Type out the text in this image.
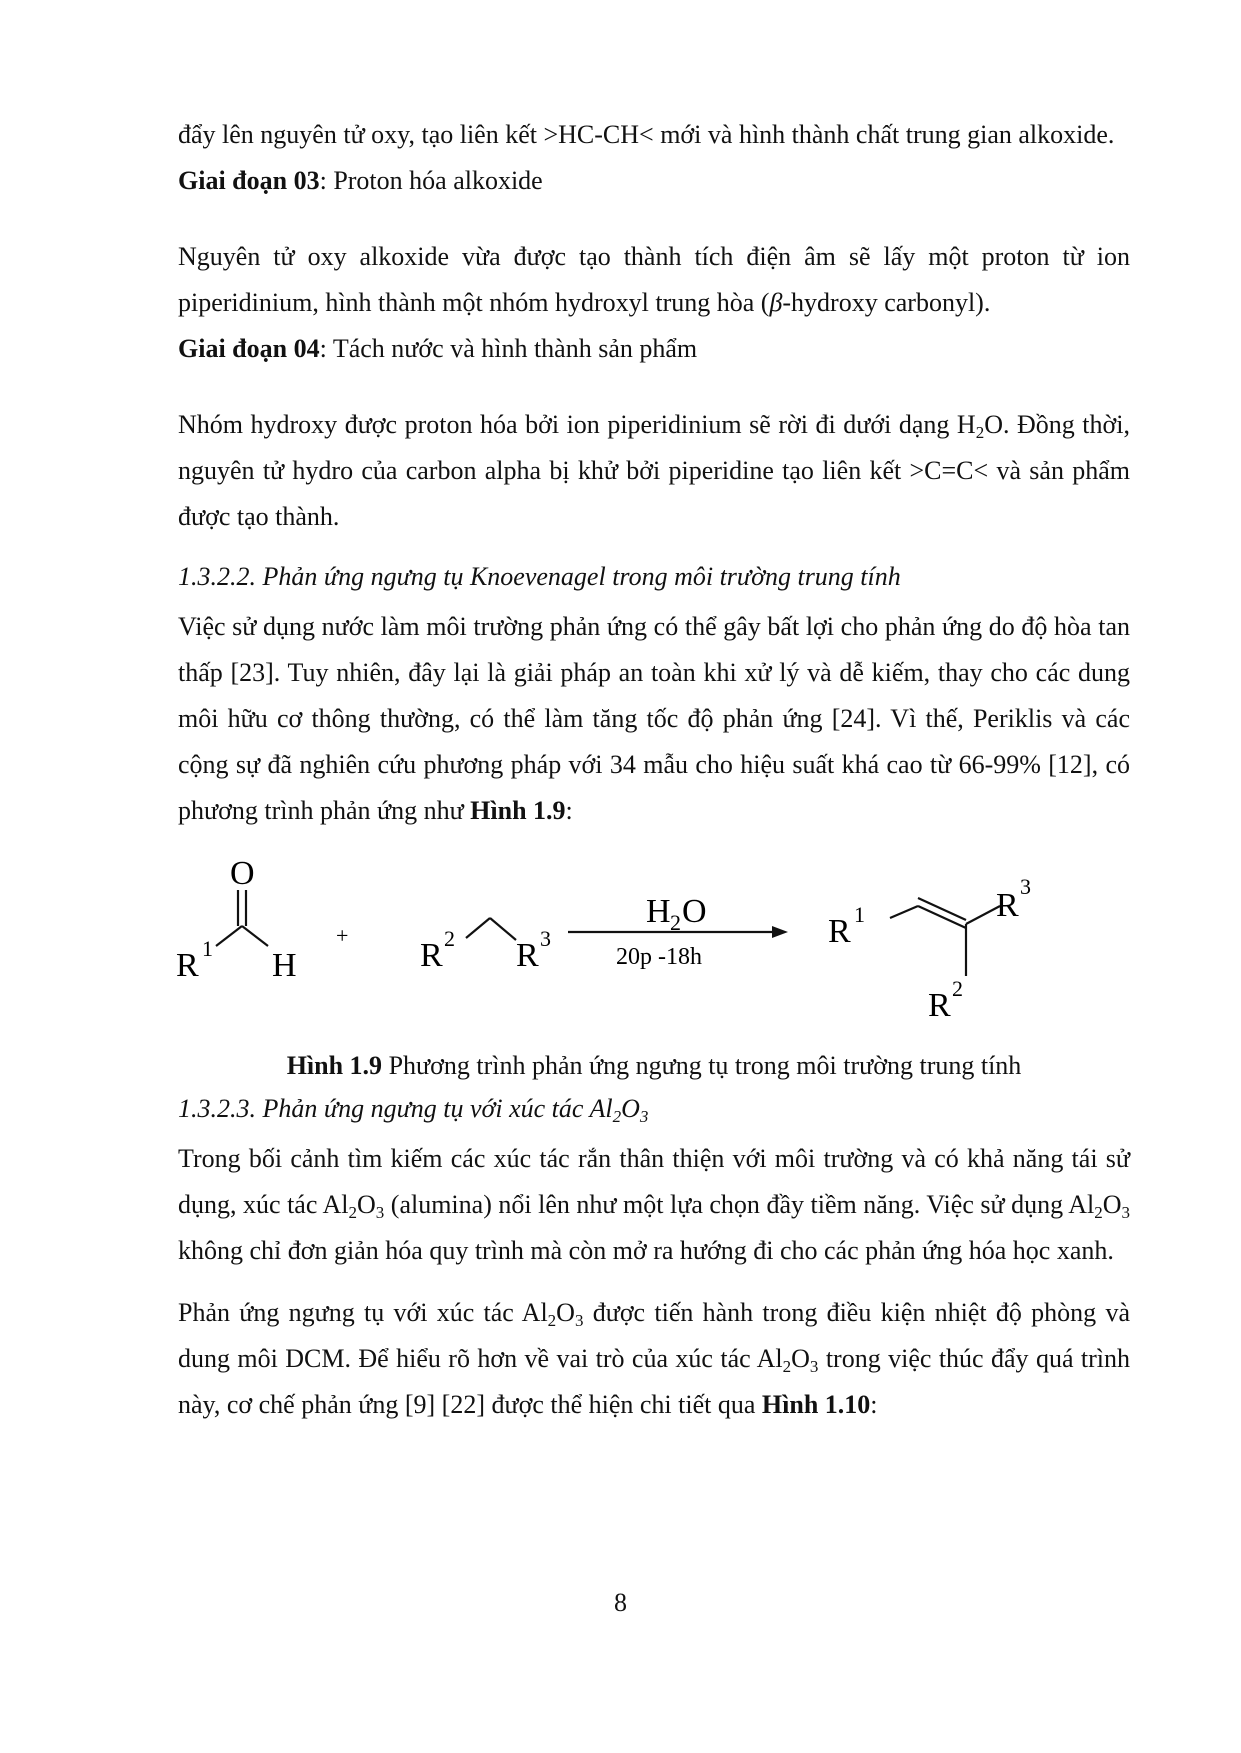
đẩy lên nguyên tử oxy, tạo liên kết >HC-CH< mới và hình thành chất trung gian alkoxide.

Giai đoạn 03: Proton hóa alkoxide

Nguyên tử oxy alkoxide vừa được tạo thành tích điện âm sẽ lấy một proton từ ion piperidinium, hình thành một nhóm hydroxyl trung hòa (β-hydroxy carbonyl).

Giai đoạn 04: Tách nước và hình thành sản phẩm

Nhóm hydroxy được proton hóa bởi ion piperidinium sẽ rời đi dưới dạng $H_2O$. Đồng thời, nguyên tử hydro của carbon alpha bị khử bởi piperidine tạo liên kết >C=C< và sản phẩm được tạo thành.

1.3.2.2. Phản ứng ngưng tụ Knoevenagel trong môi trường trung tính

Việc sử dụng nước làm môi trường phản ứng có thể gây bất lợi cho phản ứng do độ hòa tan thấp [23]. Tuy nhiên, đây lại là giải pháp an toàn khi xử lý và dễ kiếm, thay cho các dung môi hữu cơ thông thường, có thể làm tăng tốc độ phản ứng [24]. Vì thế, Periklis và các cộng sự đã nghiên cứu phương pháp với 34 mẫu cho hiệu suất khá cao từ 66-99% [12], có phương trình phản ứng như Hình 1.9:

O
R 1 H
+
R 2 R 3
H 2 O
20p -18h
R 1	R
3
R 2

Hình 1.9 Phương trình phản ứng ngưng tụ trong môi trường trung tính

1.3.2.3. Phản ứng ngưng tụ với xúc tác $Al_2O_3$

Trong bối cảnh tìm kiếm các xúc tác rắn thân thiện với môi trường và có khả năng tái sử dụng, xúc tác $Al_2O_3$ (alumina) nổi lên như một lựa chọn đầy tiềm năng. Việc sử dụng $Al_2O_3$ không chỉ đơn giản hóa quy trình mà còn mở ra hướng đi cho các phản ứng hóa học xanh.

Phản ứng ngưng tụ với xúc tác $Al_2O_3$ được tiến hành trong điều kiện nhiệt độ phòng và dung môi DCM. Để hiểu rõ hơn về vai trò của xúc tác $Al_2O_3$ trong việc thúc đẩy quá trình này, cơ chế phản ứng [9] [22] được thể hiện chi tiết qua Hình 1.10:

8
